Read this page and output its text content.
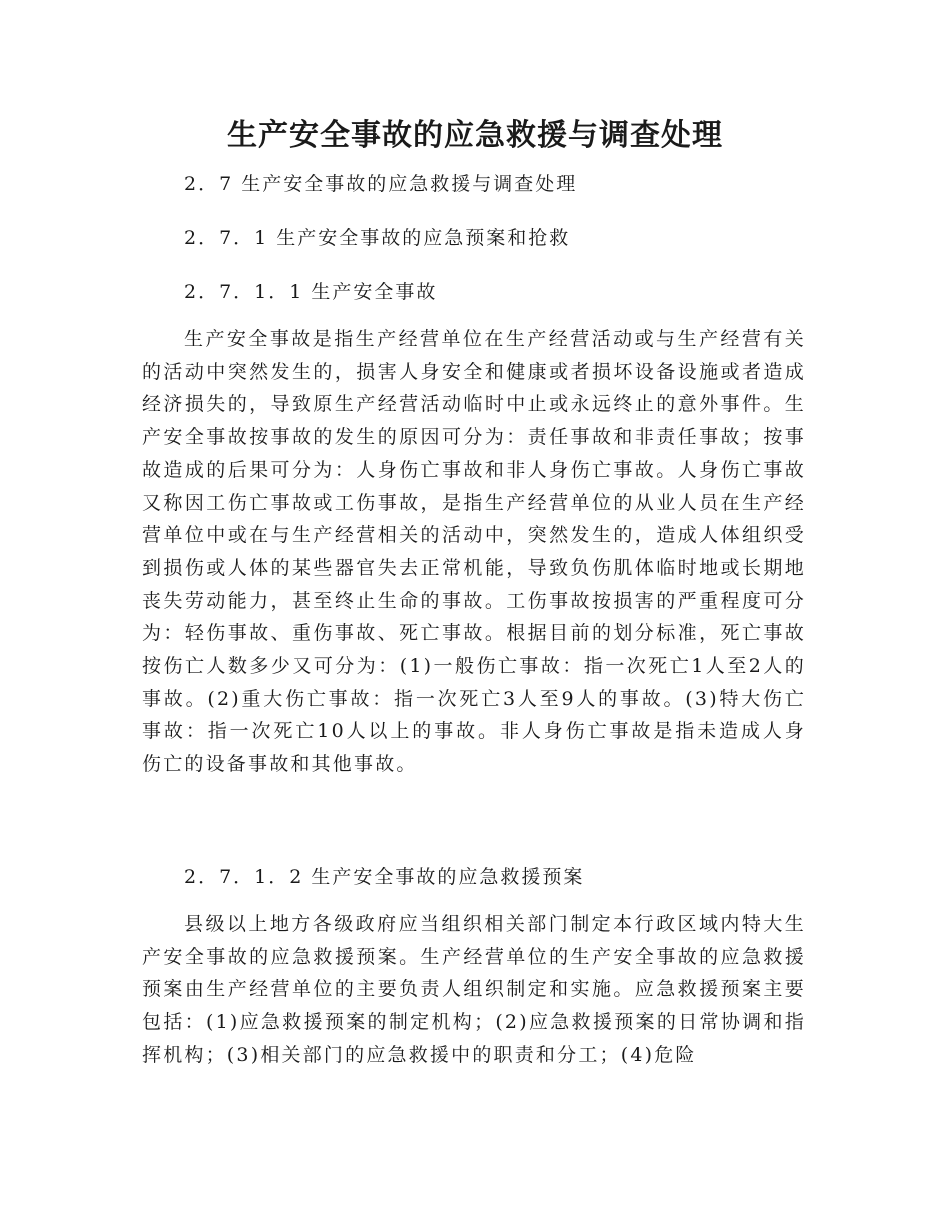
生产安全事故的应急救援与调查处理

2．7 生产安全事故的应急救援与调查处理

2．7．1 生产安全事故的应急预案和抢救

2．7．1．1 生产安全事故

生产安全事故是指生产经营单位在生产经营活动或与生产经营有关的活动中突然发生的，损害人身安全和健康或者损坏设备设施或者造成经济损失的，导致原生产经营活动临时中止或永远终止的意外事件。生产安全事故按事故的发生的原因可分为：责任事故和非责任事故；按事故造成的后果可分为：人身伤亡事故和非人身伤亡事故。人身伤亡事故又称因工伤亡事故或工伤事故，是指生产经营单位的从业人员在生产经营单位中或在与生产经营相关的活动中，突然发生的，造成人体组织受到损伤或人体的某些器官失去正常机能，导致负伤肌体临时地或长期地丧失劳动能力，甚至终止生命的事故。工伤事故按损害的严重程度可分为：轻伤事故、重伤事故、死亡事故。根据目前的划分标准，死亡事故按伤亡人数多少又可分为：(1)一般伤亡事故：指一次死亡1人至2人的事故。(2)重大伤亡事故：指一次死亡3人至9人的事故。(3)特大伤亡事故：指一次死亡10人以上的事故。非人身伤亡事故是指未造成人身伤亡的设备事故和其他事故。

2．7．1．2 生产安全事故的应急救援预案

县级以上地方各级政府应当组织相关部门制定本行政区域内特大生产安全事故的应急救援预案。生产经营单位的生产安全事故的应急救援预案由生产经营单位的主要负责人组织制定和实施。应急救援预案主要包括：(1)应急救援预案的制定机构；(2)应急救援预案的日常协调和指挥机构；(3)相关部门的应急救援中的职责和分工；(4)危险
